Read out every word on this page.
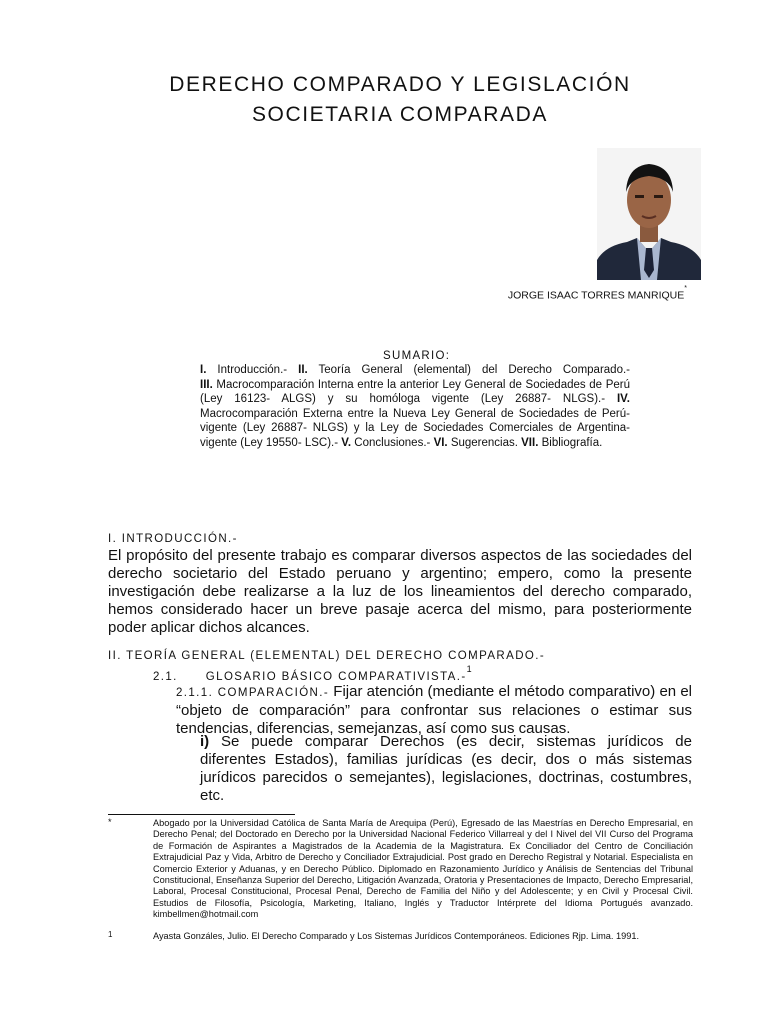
DERECHO COMPARADO Y LEGISLACIÓN
SOCIETARIA COMPARADA
JORGE ISAAC TORRES MANRIQUE*
SUMARIO:
I. Introducción.- II. Teoría General (elemental) del Derecho Comparado.-
III. Macrocomparación Interna entre la anterior Ley General de Sociedades de Perú (Ley 16123- ALGS) y su homóloga vigente (Ley 26887- NLGS).- IV. Macrocomparación Externa entre la Nueva Ley General de Sociedades de Perú- vigente (Ley 26887- NLGS) y la Ley de Sociedades Comerciales de Argentina- vigente (Ley 19550- LSC).- V. Conclusiones.- VI. Sugerencias. VII. Bibliografía.
I. INTRODUCCIÓN.-
El propósito del presente trabajo es comparar diversos aspectos de las sociedades del derecho societario del Estado peruano y argentino; empero, como la presente investigación debe realizarse a la luz de los lineamientos del derecho comparado, hemos considerado hacer un breve pasaje acerca del mismo, para posteriormente poder aplicar dichos alcances.
II. TEORÍA GENERAL (ELEMENTAL) DEL DERECHO COMPARADO.-
2.1. GLOSARIO BÁSICO COMPARATIVISTA.-$^1$
2.1.1. COMPARACIÓN.- Fijar atención (mediante el método comparativo) en el “objeto de comparación” para confrontar sus relaciones o estimar sus tendencias, diferencias, semejanzas, así como sus causas.
i) Se puede comparar Derechos (es decir, sistemas jurídicos de diferentes Estados), familias jurídicas (es decir, dos o más sistemas jurídicos parecidos o semejantes), legislaciones, doctrinas, costumbres, etc.
*	Abogado por la Universidad Católica de Santa María de Arequipa (Perú), Egresado de las Maestrías en Derecho Empresarial, en Derecho Penal; del Doctorado en Derecho por la Universidad Nacional Federico Villarreal y del I Nivel del VII Curso del Programa de Formación de Aspirantes a Magistrados de la Academia de la Magistratura. Ex Conciliador del Centro de Conciliación Extrajudicial Paz y Vida, Arbitro de Derecho y Conciliador Extrajudicial. Post grado en Derecho Registral y Notarial. Especialista en Comercio Exterior y Aduanas, y en Derecho Público. Diplomado en Razonamiento Jurídico y Análisis de Sentencias del Tribunal Constitucional, Enseñanza Superior del Derecho, Litigación Avanzada, Oratoria y Presentaciones de Impacto, Derecho Empresarial, Laboral, Procesal Constitucional, Procesal Penal, Derecho de Familia del Niño y del Adolescente; y en Civil y Procesal Civil. Estudios de Filosofía, Psicología, Marketing, Italiano, Inglés y Traductor Intérprete del Idioma Portugués avanzado. kimbellmen@hotmail.com
1	Ayasta Gonzáles, Julio. El Derecho Comparado y Los Sistemas Jurídicos Contemporáneos. Ediciones Rjp. Lima. 1991.
